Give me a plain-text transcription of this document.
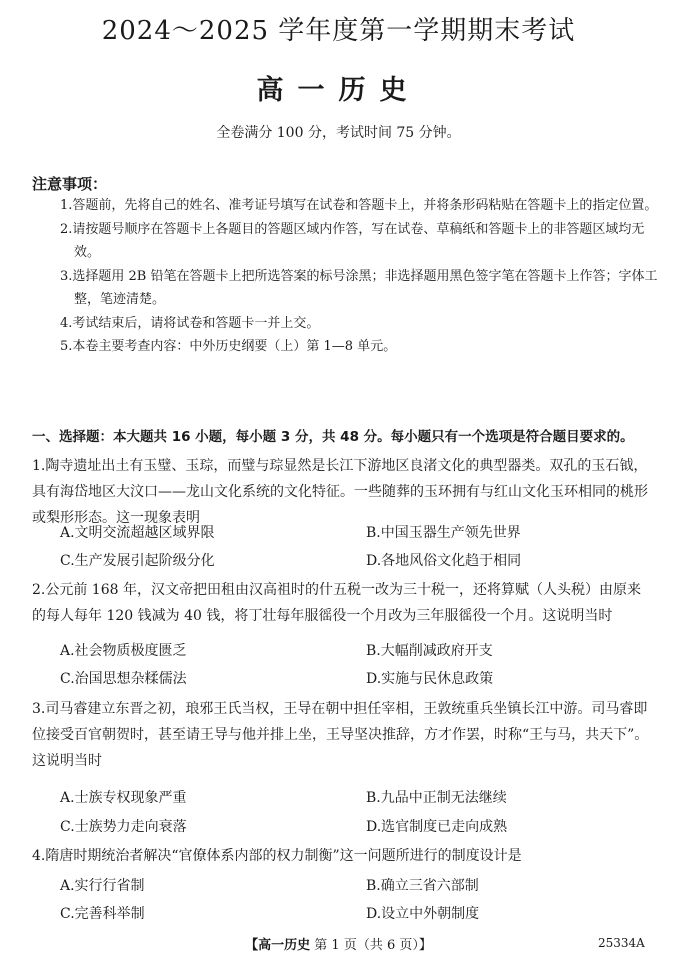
2024～2025 学年度第一学期期末考试
高一历史
全卷满分 100 分，考试时间 75 分钟。
注意事项：
1.答题前，先将自己的姓名、准考证号填写在试卷和答题卡上，并将条形码粘贴在答题卡上的指定位置。
2.请按题号顺序在答题卡上各题目的答题区域内作答，写在试卷、草稿纸和答题卡上的非答题区域均无效。
3.选择题用 2B 铅笔在答题卡上把所选答案的标号涂黑；非选择题用黑色签字笔在答题卡上作答；字体工整，笔迹清楚。
4.考试结束后，请将试卷和答题卡一并上交。
5.本卷主要考查内容：中外历史纲要（上）第 1—8 单元。
一、选择题：本大题共 16 小题，每小题 3 分，共 48 分。每小题只有一个选项是符合题目要求的。
1.陶寺遗址出土有玉璧、玉琮，而璧与琮显然是长江下游地区良渚文化的典型器类。双孔的玉石钺，具有海岱地区大汶口——龙山文化系统的文化特征。一些随葬的玉环拥有与红山文化玉环相同的桃形或梨形形态。这一现象表明
A.文明交流超越区域界限	B.中国玉器生产领先世界
C.生产发展引起阶级分化	D.各地风俗文化趋于相同
2.公元前 168 年，汉文帝把田租由汉高祖时的什五税一改为三十税一，还将算赋（人头税）由原来的每人每年 120 钱减为 40 钱，将丁壮每年服徭役一个月改为三年服徭役一个月。这说明当时
A.社会物质极度匮乏	B.大幅削减政府开支
C.治国思想杂糅儒法	D.实施与民休息政策
3.司马睿建立东晋之初，琅邪王氏当权，王导在朝中担任宰相，王敦统重兵坐镇长江中游。司马睿即位接受百官朝贺时，甚至请王导与他并排上坐，王导坚决推辞，方才作罢，时称“王与马，共天下”。这说明当时
A.士族专权现象严重	B.九品中正制无法继续
C.士族势力走向衰落	D.选官制度已走向成熟
4.隋唐时期统治者解决“官僚体系内部的权力制衡”这一问题所进行的制度设计是
A.实行行省制	B.确立三省六部制
C.完善科举制	D.设立中外朝制度
【高一历史 第 1 页（共 6 页）】	25334A
